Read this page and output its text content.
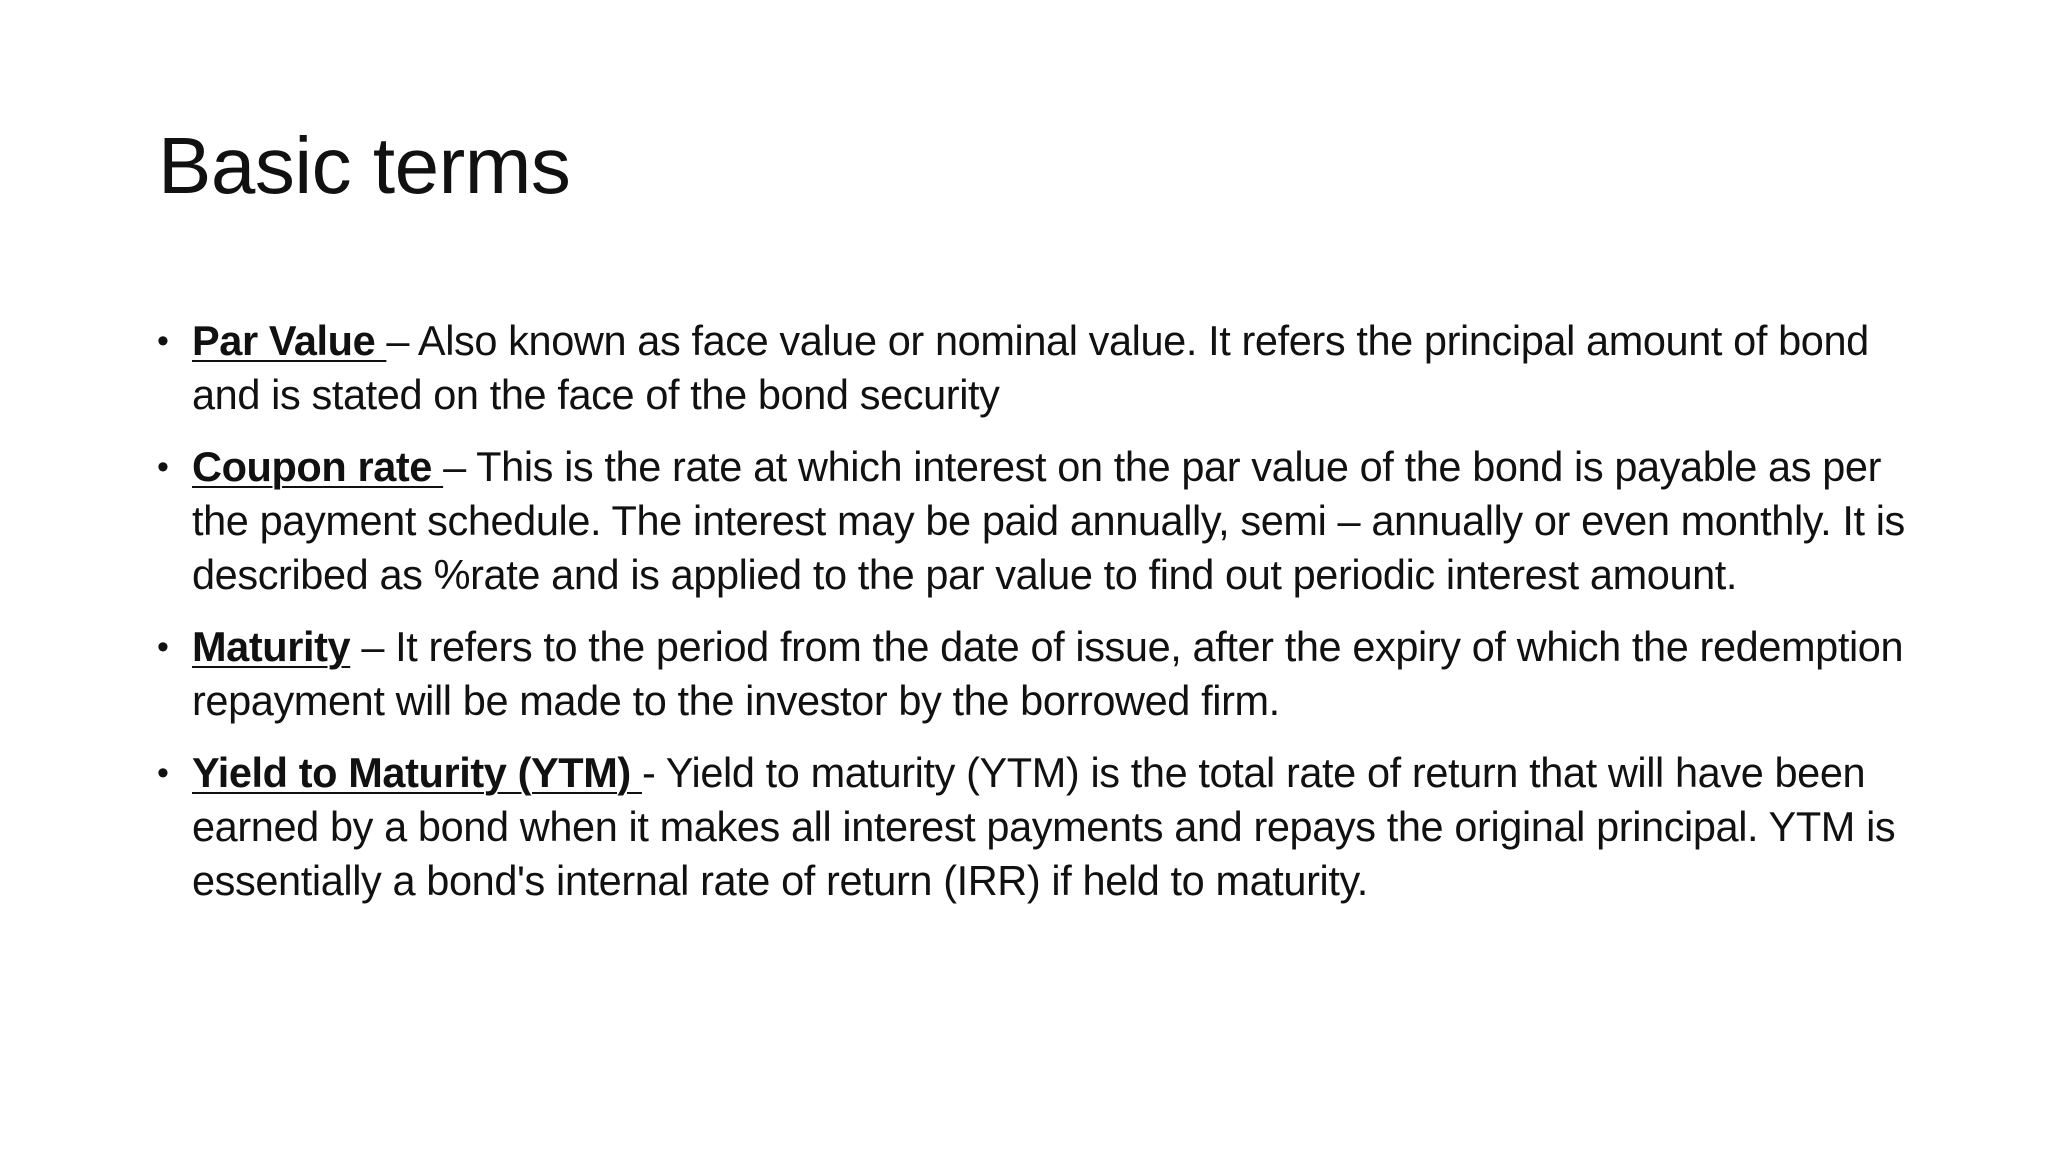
Basic terms
• Par Value – Also known as face value or nominal value. It refers the principal amount of bond and is stated on the face of the bond security
• Coupon rate – This is the rate at which interest on the par value of the bond is payable as per the payment schedule. The interest may be paid annually, semi – annually or even monthly. It is described as %rate and is applied to the par value to find out periodic interest amount.
• Maturity – It refers to the period from the date of issue, after the expiry of which the redemption repayment will be made to the investor by the borrowed firm.
• Yield to Maturity (YTM) - Yield to maturity (YTM) is the total rate of return that will have been earned by a bond when it makes all interest payments and repays the original principal. YTM is essentially a bond's internal rate of return (IRR) if held to maturity.
